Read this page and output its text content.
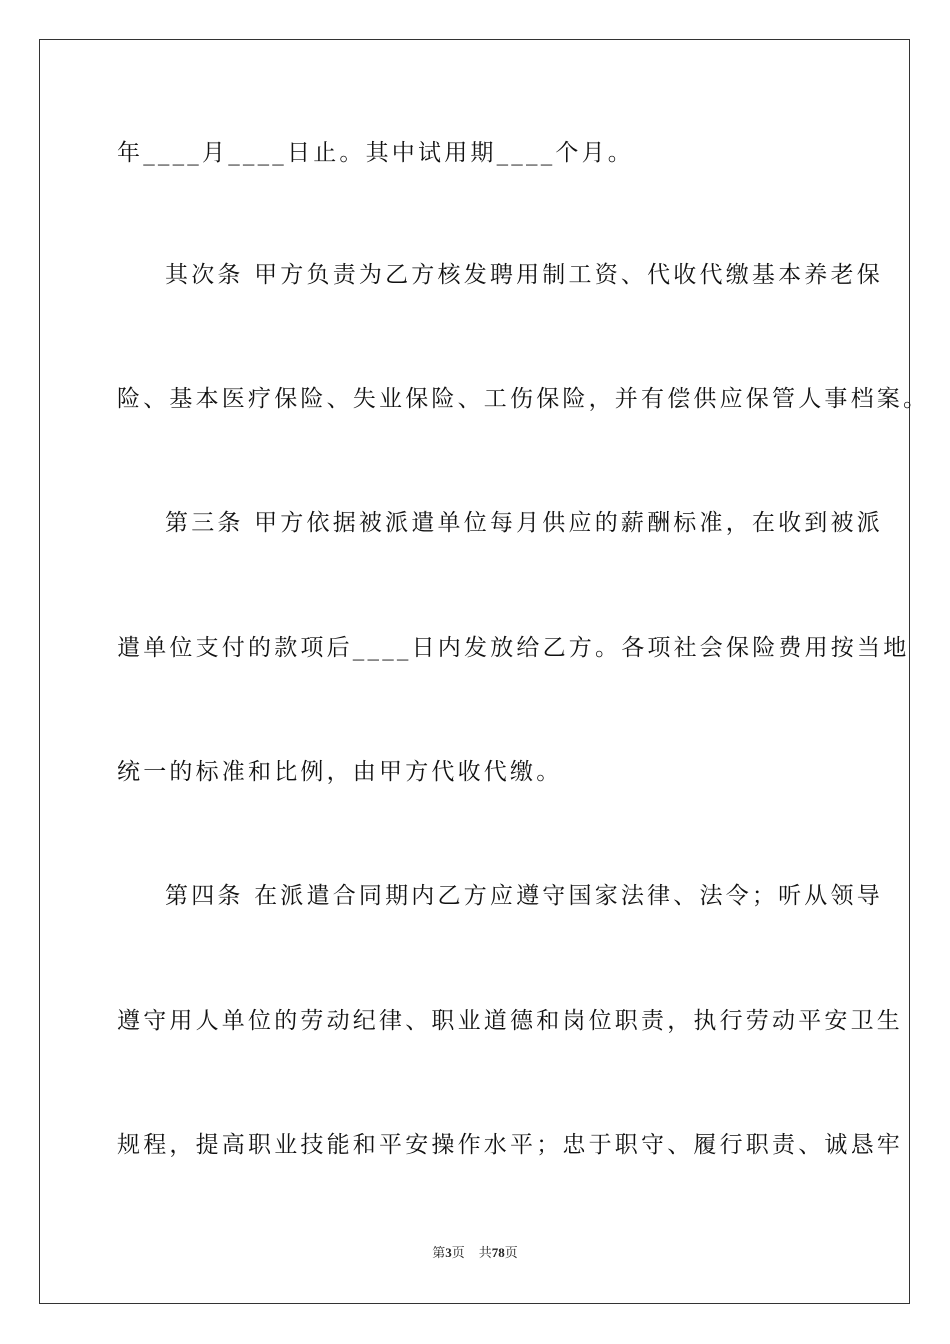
年____月____日止。其中试用期____个月。
其次条 甲方负责为乙方核发聘用制工资、代收代缴基本养老保
险、基本医疗保险、失业保险、工伤保险，并有偿供应保管人事档案。
第三条 甲方依据被派遣单位每月供应的薪酬标准，在收到被派
遣单位支付的款项后____日内发放给乙方。各项社会保险费用按当地
统一的标准和比例，由甲方代收代缴。
第四条 在派遣合同期内乙方应遵守国家法律、法令；听从领导
遵守用人单位的劳动纪律、职业道德和岗位职责，执行劳动平安卫生
规程，提高职业技能和平安操作水平；忠于职守、履行职责、诚恳牢
第3页 共78页
